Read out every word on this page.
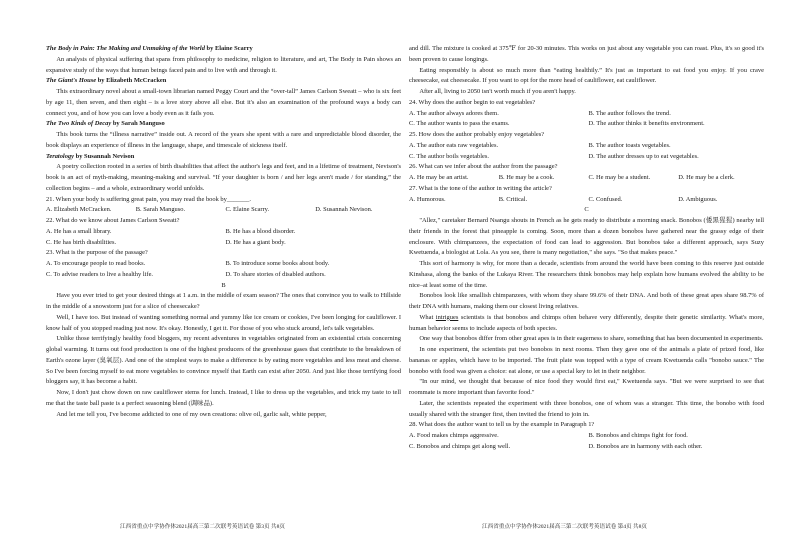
The Body in Pain: The Making and Unmaking of the World by Elaine Scarry

An analysis of physical suffering that spans from philosophy to medicine, religion to literature, and art, The Body in Pain shows an expansive study of the ways that human beings faced pain and to live with and through it.

The Giant's House by Elizabeth McCracken

This extraordinary novel about a small-town librarian named Peggy Court and the “over-tall” James Carlson Sweatt – who is six feet by age 11, then seven, and then eight – is a love story above all else. But it's also an examination of the profound ways a body can connect you, and of how you can love a body even as it fails you.

The Two Kinds of Decay by Sarah Manguso

This book turns the “illness narrative” inside out. A record of the years she spent with a rare and unpredictable blood disorder, the book displays an experience of illness in the language, shape, and timescale of sickness itself.

Teratology by Susannah Nevison

A poetry collection rooted in a series of birth disabilities that affect the author's legs and feet, and in a lifetime of treatment, Nevison's book is an act of myth-making, meaning-making and survival. “If your daughter is born / and her legs aren't made / for standing,” the collection begins – and a whole, extraordinary world unfolds.

21. When your body is suffering great pain, you may read the book by_______.

A. Elizabeth McCracken.	B. Sarah Manguso.	C. Elaine Scarry.	D. Susannah Nevison.

22. What do we know about James Carlson Sweatt?

A. He has a small library.	B. He has a blood disorder.
C. He has birth disabilities.	D. He has a giant body.

23. What is the purpose of the passage?

A. To encourage people to read books.	B. To introduce some books about body.
C. To advise readers to live a healthy life.	D. To share stories of disabled authors.

B

Have you ever tried to get your desired things at 1 a.m. in the middle of exam season? The ones that convince you to walk to Hillside in the middle of a snowstorm just for a slice of cheesecake?

Well, I have too. But instead of wanting something normal and yummy like ice cream or cookies, I've been longing for cauliflower. I know half of you stopped reading just now. It's okay. Honestly, I get it. For those of you who stuck around, let's talk vegetables.

Unlike those terrifyingly healthy food bloggers, my recent adventures in vegetables originated from an existential crisis concerning global warming. It turns out food production is one of the highest producers of the greenhouse gases that contribute to the breakdown of Earth's ozone layer (臭氧层). And one of the simplest ways to make a difference is by eating more vegetables and less meat and cheese. So I've been forcing myself to eat more vegetables to convince myself that Earth can exist after 2050. And just like those terrifying food bloggers say, it has become a habit.

Now, I don't just chow down on raw cauliflower stems for lunch. Instead, I like to dress up the vegetables, and trick my taste to tell me that the taste ball paste is a perfect seasoning blend (调味品).

And let me tell you, I've become addicted to one of my own creations: olive oil, garlic salt, white pepper,

and dill. The mixture is cooked at 375℉ for 20-30 minutes. This works on just about any vegetable you can roast. Plus, it's so good it's been proven to cause longings.

Eating responsibly is about so much more than “eating healthily.” It's just as important to eat food you enjoy. If you crave cheesecake, eat cheesecake. If you want to opt for the more head of cauliflower, eat cauliflower.

After all, living to 2050 isn't worth much if you aren't happy.

24. Why does the author begin to eat vegetables?

A. The author always adores them.	B. The author follows the trend.
C. The author wants to pass the exams.	D. The author thinks it benefits environment.

25. How does the author probably enjoy vegetables?

A. The author eats raw vegetables.	B. The author toasts vegetables.
C. The author boils vegetables.	D. The author dresses up to eat vegetables.

26. What can we infer about the author from the passage?

A. He may be an artist.	B. He may be a cook.	C. He may be a student.	D. He may be a clerk.

27. What is the tone of the author in writing the article?

A. Humorous.	B. Critical.	C. Confused.	D. Ambiguous.

C

"Allez," caretaker Bernard Nsangu shouts in French as he gets ready to distribute a morning snack. Bonobos (倭黑猩猩) nearby tell their friends in the forest that pineapple is coming. Soon, more than a dozen bonobos have gathered near the grassy edge of their enclosure. With chimpanzees, the expectation of food can lead to aggression. But bonobos take a different approach, says Suzy Kwetuenda, a biologist at Lola. As you see, there is many negotiation," she says. "So that makes peace."

This sort of harmony is why, for more than a decade, scientists from around the world have been coming to this reserve just outside Kinshasa, along the banks of the Lukaya River. The researchers think bonobos may help explain how humans evolved the ability to be nice–at least some of the time.

Bonobos look like smallish chimpanzees, with whom they share 99.6% of their DNA. And both of these great apes share 98.7% of their DNA with humans, making them our closest living relatives.

What intrigues scientists is that bonobos and chimps often behave very differently, despite their genetic similarity. What's more, human behavior seems to include aspects of both species.

One way that bonobos differ from other great apes is in their eagerness to share, something that has been documented in experiments.

In one experiment, the scientists put two bonobos in next rooms. Then they gave one of the animals a plate of prized food, like bananas or apples, which have to be imported. The fruit plate was topped with a type of cream Kwetuenda calls "bonobo sauce." The bonobo with food was given a choice: eat alone, or use a special key to let in their neighbor.

"In our mind, we thought that because of nice food they would first eat," Kwetuenda says. "But we were surprised to see that roommate is more important than favorite food."

Later, the scientists repeated the experiment with three bonobos, one of whom was a stranger. This time, the bonobo with food usually shared with the stranger first, then invited the friend to join in.

28. What does the author want to tell us by the example in Paragraph 1?

A. Food makes chimps aggressive.	B. Bonobos and chimps fight for food.
C. Bonobos and chimps get along well.	D. Bonobos are in harmony with each other.
江西省重点中学协作体2021届高三第二次联考英语试卷 第3页 共8页	江西省重点中学协作体2021届高三第二次联考英语试卷 第4页 共8页
